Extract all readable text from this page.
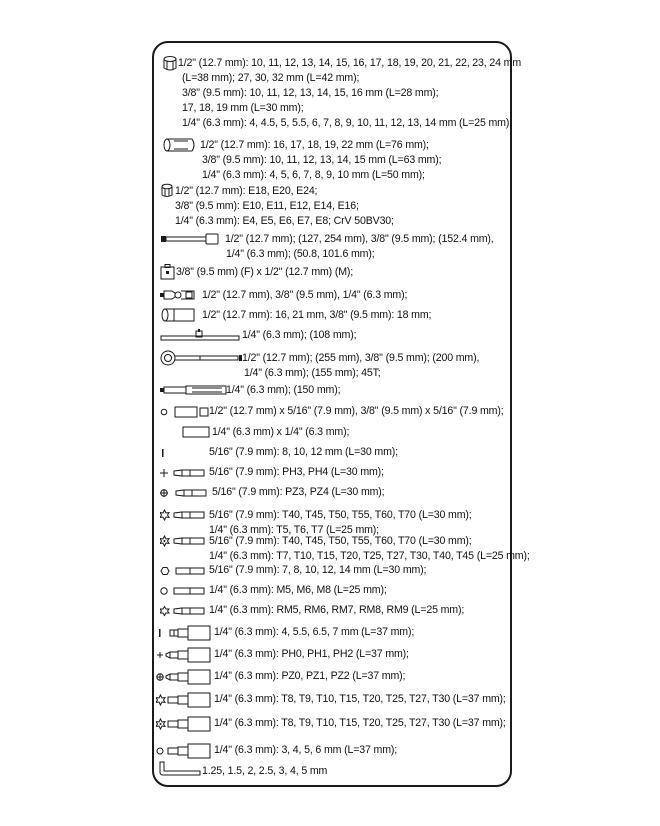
1/2" (12.7 mm): 10, 11, 12, 13, 14, 15, 16, 17, 18, 19, 20, 21, 22, 23, 24 mm
(L=38 mm); 27, 30, 32 mm (L=42 mm);
3/8" (9.5 mm): 10, 11, 12, 13, 14, 15, 16 mm (L=28 mm);
17, 18, 19 mm (L=30 mm);
1/4" (6.3 mm): 4, 4.5, 5, 5.5, 6, 7, 8, 9, 10, 11, 12, 13, 14 mm (L=25 mm);
1/2" (12.7 mm): 16, 17, 18, 19, 22 mm (L=76 mm);
3/8" (9.5 mm): 10, 11, 12, 13, 14, 15 mm (L=63 mm);
1/4" (6.3 mm): 4, 5, 6, 7, 8, 9, 10 mm (L=50 mm);
1/2" (12.7 mm): E18, E20, E24;
3/8" (9.5 mm): E10, E11, E12, E14, E16;
1/4" (6.3 mm): E4, E5, E6, E7, E8; CrV 50BV30;
1/2" (12.7 mm); (127, 254 mm), 3/8" (9.5 mm); (152.4 mm),
1/4" (6.3 mm); (50.8, 101.6 mm);
3/8" (9.5 mm) (F) x 1/2" (12.7 mm) (M);
1/2" (12.7 mm), 3/8" (9.5 mm), 1/4" (6.3 mm);
1/2" (12.7 mm): 16, 21 mm, 3/8" (9.5 mm): 18 mm;
1/4" (6.3 mm); (108 mm);
1/2" (12.7 mm); (255 mm), 3/8" (9.5 mm); (200 mm),
1/4" (6.3 mm); (155 mm); 45T;
1/4" (6.3 mm); (150 mm);
1/2" (12.7 mm) x 5/16" (7.9 mm), 3/8" (9.5 mm) x 5/16" (7.9 mm);
1/4" (6.3 mm) x 1/4" (6.3 mm);
5/16" (7.9 mm): 8, 10, 12 mm (L=30 mm);
5/16" (7.9 mm): PH3, PH4 (L=30 mm);
5/16" (7.9 mm): PZ3, PZ4 (L=30 mm);
5/16" (7.9 mm): T40, T45, T50, T55, T60, T70 (L=30 mm);
1/4" (6.3 mm): T5, T6, T7 (L=25 mm);
5/16" (7.9 mm): T40, T45, T50, T55, T60, T70 (L=30 mm);
1/4" (6.3 mm): T7, T10, T15, T20, T25, T27, T30, T40, T45 (L=25 mm);
5/16" (7.9 mm): 7, 8, 10, 12, 14 mm (L=30 mm);
1/4" (6.3 mm): M5, M6, M8 (L=25 mm);
1/4" (6.3 mm): RM5, RM6, RM7, RM8, RM9 (L=25 mm);
1/4" (6.3 mm): 4, 5.5, 6.5, 7 mm (L=37 mm);
1/4" (6.3 mm): PH0, PH1, PH2 (L=37 mm);
1/4" (6.3 mm): PZ0, PZ1, PZ2 (L=37 mm);
1/4" (6.3 mm): T8, T9, T10, T15, T20, T25, T27, T30 (L=37 mm);
1/4" (6.3 mm): T8, T9, T10, T15, T20, T25, T27, T30 (L=37 mm);
1/4" (6.3 mm): 3, 4, 5, 6 mm (L=37 mm);
1.25, 1.5, 2, 2.5, 3, 4, 5 mm
